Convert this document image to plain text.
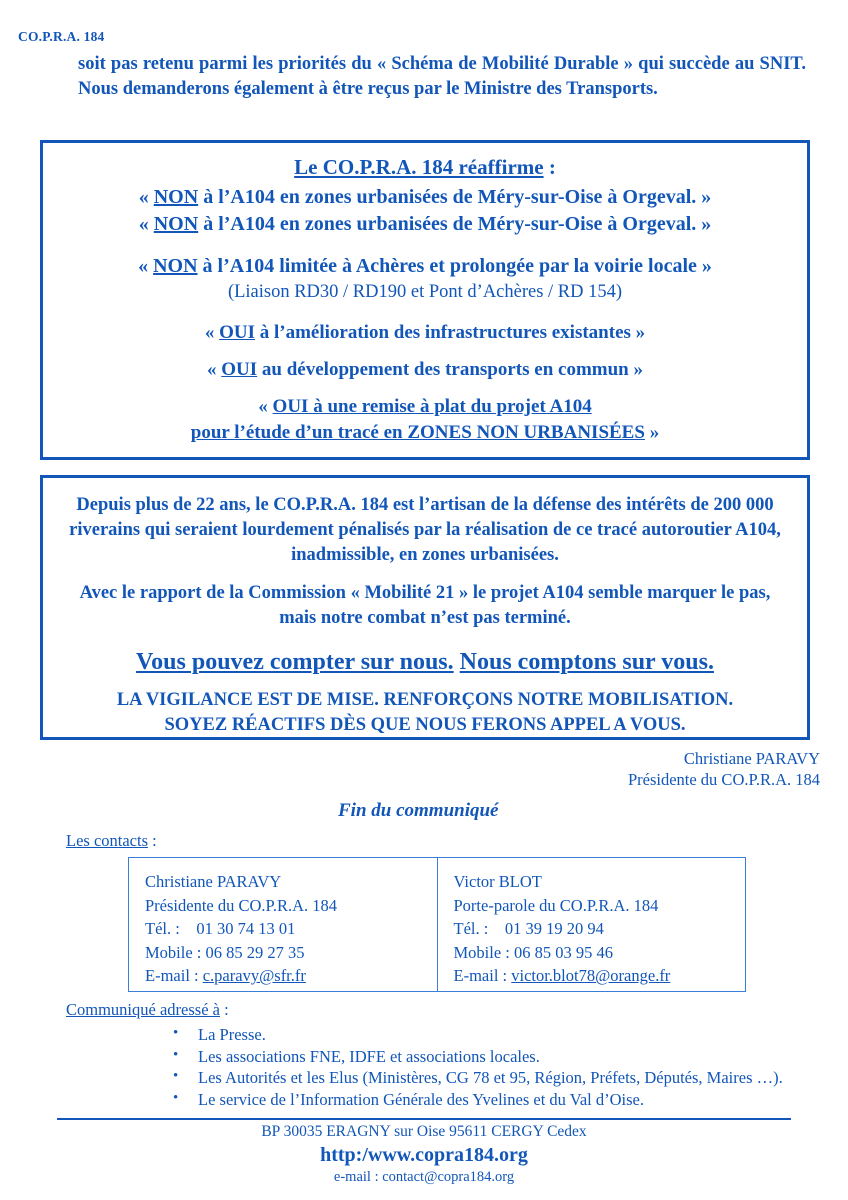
CO.P.R.A. 184
soit pas retenu parmi les priorités du « Schéma de Mobilité Durable » qui succède au SNIT. Nous demanderons également à être reçus par le Ministre des Transports.
Le CO.P.R.A. 184 réaffirme :
« NON à l’A104 en zones urbanisées de Méry-sur-Oise à Orgeval. »
« NON à l’A104 en zones urbanisées de Méry-sur-Oise à Orgeval. »
« NON à l’A104 limitée à Achères et prolongée par la voirie locale »
(Liaison RD30 / RD190 et Pont d’Achères / RD 154)
« OUI à l’amélioration des infrastructures existantes »
« OUI au développement des transports en commun »
« OUI à une remise à plat du projet A104
pour l’étude d’un tracé en ZONES NON URBANISÉES »
Depuis plus de 22 ans, le CO.P.R.A. 184 est l’artisan de la défense des intérêts de 200 000 riverains qui seraient lourdement pénalisés par la réalisation de ce tracé autoroutier A104, inadmissible, en zones urbanisées.
Avec le rapport de la Commission « Mobilité 21 » le projet A104 semble marquer le pas, mais notre combat n’est pas terminé.
Vous pouvez compter sur nous. Nous comptons sur vous.
LA VIGILANCE EST DE MISE. RENFORÇONS NOTRE MOBILISATION.
SOYEZ RÉACTIFS DÈS QUE NOUS FERONS APPEL A VOUS.
Christiane PARAVY
Présidente du CO.P.R.A. 184
Fin du communiqué
Les contacts :
Christiane PARAVY
Présidente du CO.P.R.A. 184
Tél. : 01 30 74 13 01
Mobile : 06 85 29 27 35
E-mail : c.paravy@sfr.fr
Victor BLOT
Porte-parole du CO.P.R.A. 184
Tél. : 01 39 19 20 94
Mobile : 06 85 03 95 46
E-mail : victor.blot78@orange.fr
Communiqué adressé à :
• La Presse.
• Les associations FNE, IDFE et associations locales.
• Les Autorités et les Elus (Ministères, CG 78 et 95, Région, Préfets, Députés, Maires …).
• Le service de l’Information Générale des Yvelines et du Val d’Oise.
BP 30035 ERAGNY sur Oise 95611 CERGY Cedex
http:/www.copra184.org
e-mail : contact@copra184.org
